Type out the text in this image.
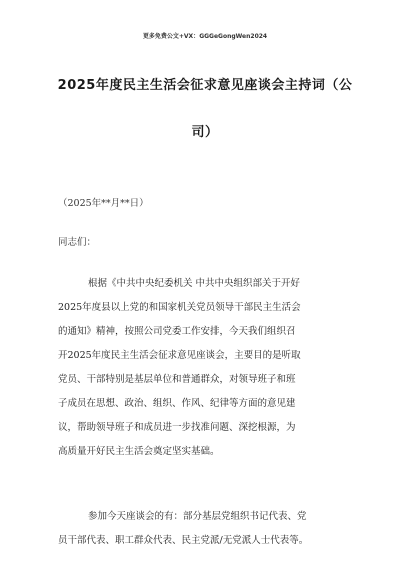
更多免费公文+VX：GGGeGongWen2024
2025年度民主生活会征求意见座谈会主持词（公
司）
（2025年**月**日）
同志们：
根据《中共中央纪委机关 中共中央组织部关于开好
2025年度县以上党的和国家机关党员领导干部民主生活会
的通知》精神，按照公司党委工作安排，今天我们组织召
开2025年度民主生活会征求意见座谈会，主要目的是听取
党员、干部特别是基层单位和普通群众，对领导班子和班
子成员在思想、政治、组织、作风、纪律等方面的意见建
议，帮助领导班子和成员进一步找准问题、深挖根源，为
高质量开好民主生活会奠定坚实基础。
参加今天座谈会的有：部分基层党组织书记代表、党
员干部代表、职工群众代表、民主党派/无党派人士代表等。
